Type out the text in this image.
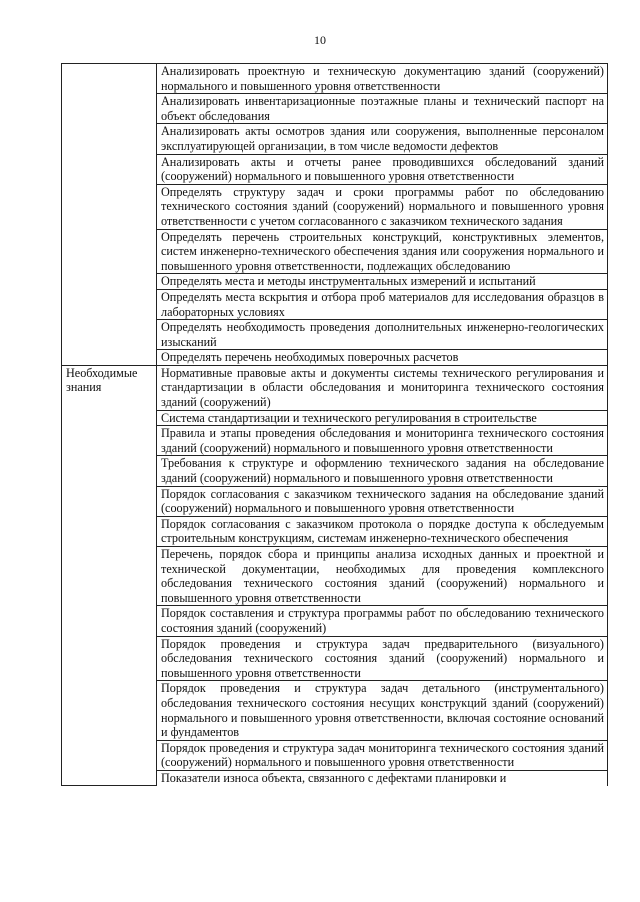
10
	Анализировать проектную и техническую документацию зданий (сооружений) нормального и повышенного уровня ответственности
	Анализировать инвентаризационные поэтажные планы и технический паспорт на объект обследования
	Анализировать акты осмотров здания или сооружения, выполненные персоналом эксплуатирующей организации, в том числе ведомости дефектов
	Анализировать акты и отчеты ранее проводившихся обследований зданий (сооружений) нормального и повышенного уровня ответственности
	Определять структуру задач и сроки программы работ по обследованию технического состояния зданий (сооружений) нормального и повышенного уровня ответственности с учетом согласованного с заказчиком технического задания
	Определять перечень строительных конструкций, конструктивных элементов, систем инженерно-технического обеспечения здания или сооружения нормального и повышенного уровня ответственности, подлежащих обследованию
	Определять места и методы инструментальных измерений и испытаний
	Определять места вскрытия и отбора проб материалов для исследования образцов в лабораторных условиях
	Определять необходимость проведения дополнительных инженерно-геологических изысканий
	Определять перечень необходимых поверочных расчетов
Необходимые знания	Нормативные правовые акты и документы системы технического регулирования и стандартизации в области обследования и мониторинга технического состояния зданий (сооружений)
	Система стандартизации и технического регулирования в строительстве
	Правила и этапы проведения обследования и мониторинга технического состояния зданий (сооружений) нормального и повышенного уровня ответственности
	Требования к структуре и оформлению технического задания на обследование зданий (сооружений) нормального и повышенного уровня ответственности
	Порядок согласования с заказчиком технического задания на обследование зданий (сооружений) нормального и повышенного уровня ответственности
	Порядок согласования с заказчиком протокола о порядке доступа к обследуемым строительным конструкциям, системам инженерно-технического обеспечения
	Перечень, порядок сбора и принципы анализа исходных данных и проектной и технической документации, необходимых для проведения комплексного обследования технического состояния зданий (сооружений) нормального и повышенного уровня ответственности
	Порядок составления и структура программы работ по обследованию технического состояния зданий (сооружений)
	Порядок проведения и структура задач предварительного (визуального) обследования технического состояния зданий (сооружений) нормального и повышенного уровня ответственности
	Порядок проведения и структура задач детального (инструментального) обследования технического состояния несущих конструкций зданий (сооружений) нормального и повышенного уровня ответственности, включая состояние оснований и фундаментов
	Порядок проведения и структура задач мониторинга технического состояния зданий (сооружений) нормального и повышенного уровня ответственности
	Показатели износа объекта, связанного с дефектами планировки и
